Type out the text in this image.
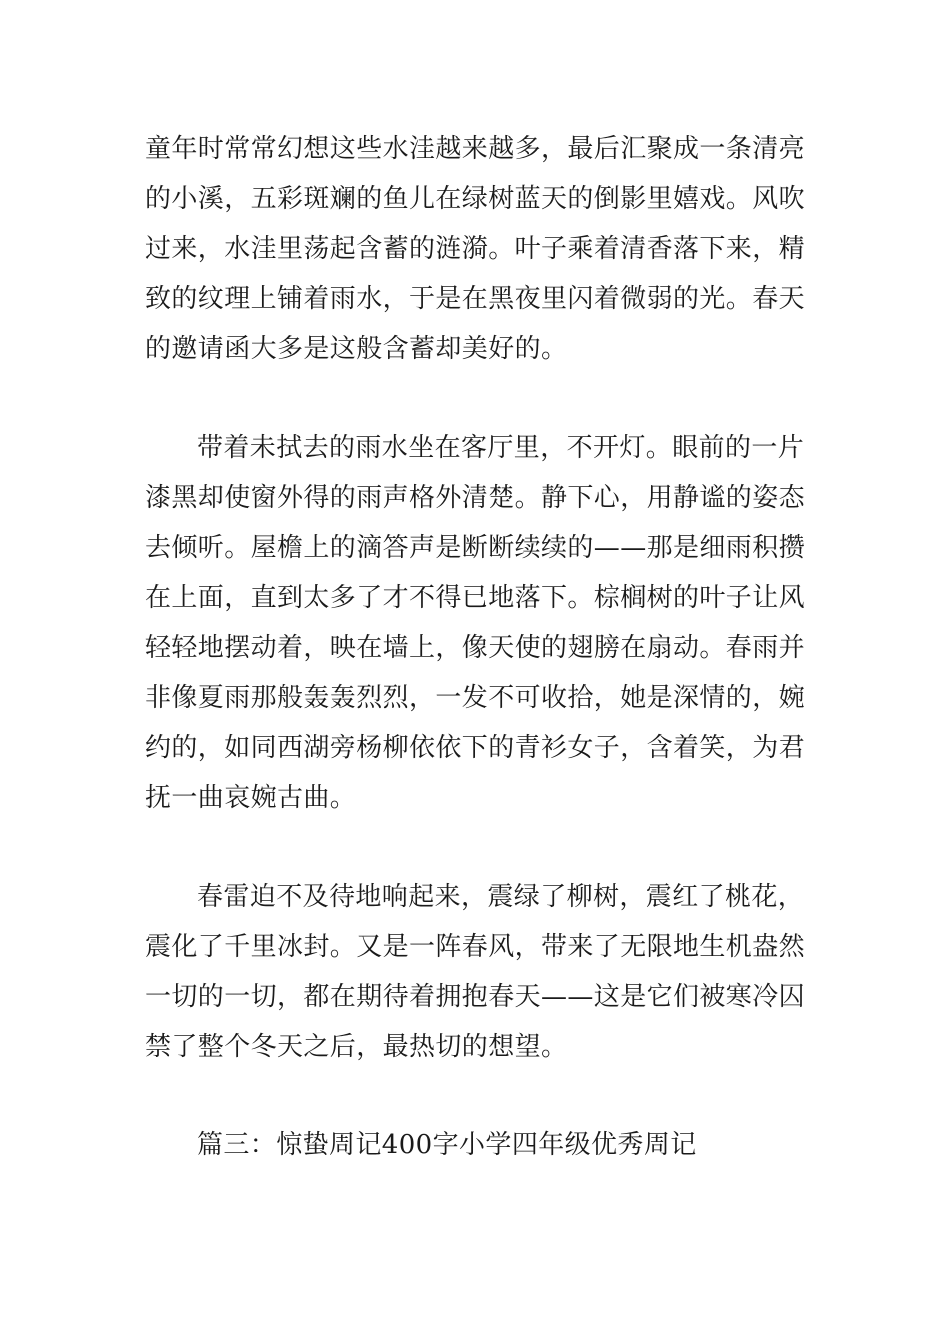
童年时常常幻想这些水洼越来越多，最后汇聚成一条清亮
的小溪，五彩斑斓的鱼儿在绿树蓝天的倒影里嬉戏。风吹
过来，水洼里荡起含蓄的涟漪。叶子乘着清香落下来，精
致的纹理上铺着雨水，于是在黑夜里闪着微弱的光。春天
的邀请函大多是这般含蓄却美好的。
带着未拭去的雨水坐在客厅里，不开灯。眼前的一片
漆黑却使窗外得的雨声格外清楚。静下心，用静谧的姿态
去倾听。屋檐上的滴答声是断断续续的——那是细雨积攒
在上面，直到太多了才不得已地落下。棕榈树的叶子让风
轻轻地摆动着，映在墙上，像天使的翅膀在扇动。春雨并
非像夏雨那般轰轰烈烈，一发不可收拾，她是深情的，婉
约的，如同西湖旁杨柳依依下的青衫女子，含着笑，为君
抚一曲哀婉古曲。
春雷迫不及待地响起来，震绿了柳树，震红了桃花，
震化了千里冰封。又是一阵春风，带来了无限地生机盎然
一切的一切，都在期待着拥抱春天——这是它们被寒冷囚
禁了整个冬天之后，最热切的想望。
篇三：惊蛰周记400字小学四年级优秀周记
